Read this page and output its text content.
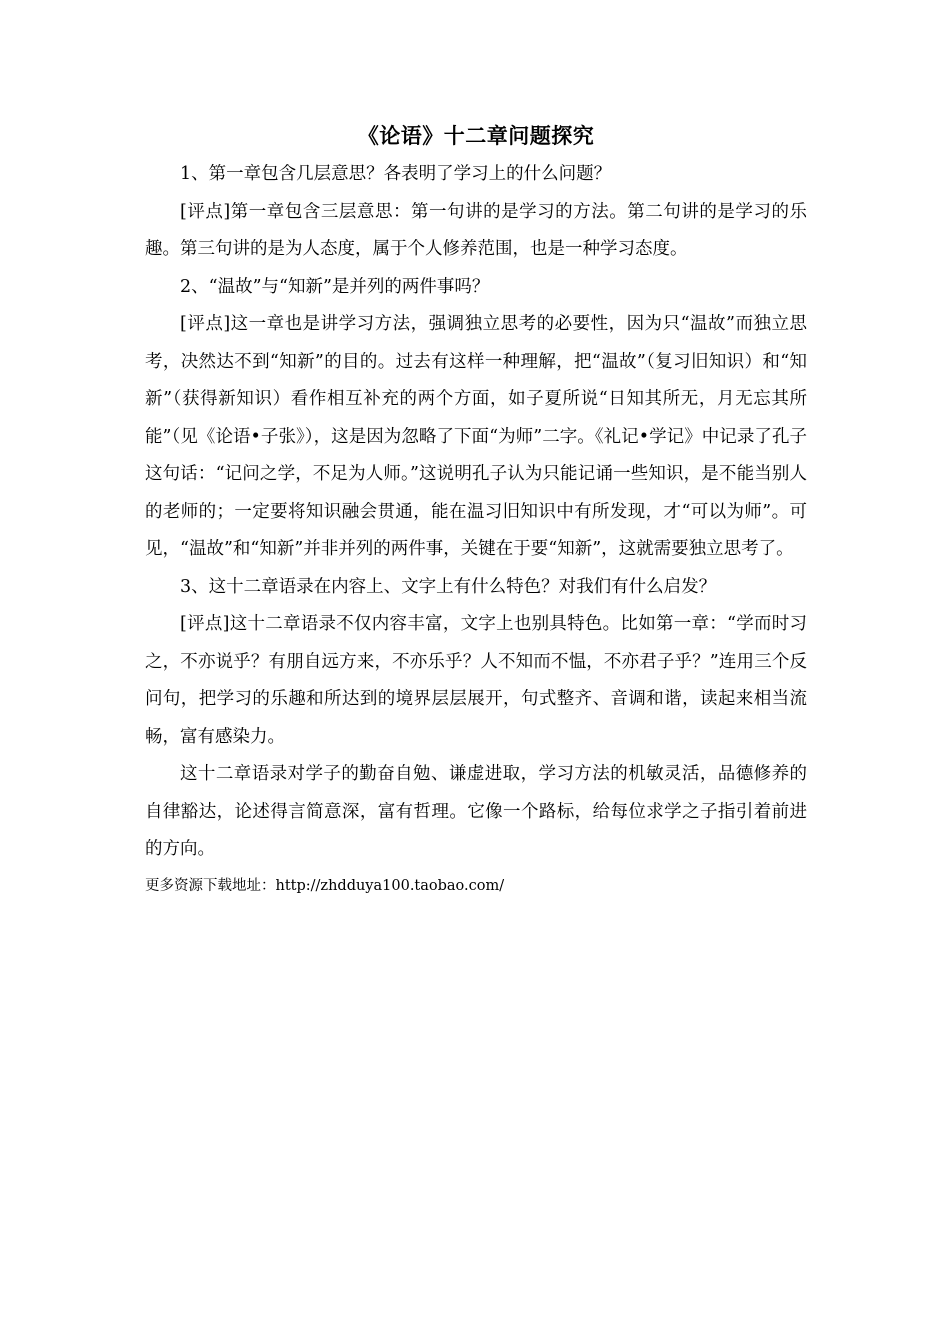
《论语》十二章问题探究

1、第一章包含几层意思？各表明了学习上的什么问题？

[评点]第一章包含三层意思：第一句讲的是学习的方法。第二句讲的是学习的乐趣。第三句讲的是为人态度，属于个人修养范围，也是一种学习态度。

2、“温故”与“知新”是并列的两件事吗？

[评点]这一章也是讲学习方法，强调独立思考的必要性，因为只“温故”而独立思考，决然达不到“知新”的目的。过去有这样一种理解，把“温故”（复习旧知识）和“知新”（获得新知识）看作相互补充的两个方面，如子夏所说“日知其所无，月无忘其所能”（见《论语•子张》），这是因为忽略了下面“为师”二字。《礼记•学记》中记录了孔子这句话：“记问之学，不足为人师。”这说明孔子认为只能记诵一些知识，是不能当别人的老师的；一定要将知识融会贯通，能在温习旧知识中有所发现，才“可以为师”。可见，“温故”和“知新”并非并列的两件事，关键在于要“知新”，这就需要独立思考了。

3、这十二章语录在内容上、文字上有什么特色？对我们有什么启发？

[评点]这十二章语录不仅内容丰富，文字上也别具特色。比如第一章：“学而时习之，不亦说乎？有朋自远方来，不亦乐乎？人不知而不愠，不亦君子乎？”连用三个反问句，把学习的乐趣和所达到的境界层层展开，句式整齐、音调和谐，读起来相当流畅，富有感染力。

这十二章语录对学子的勤奋自勉、谦虚进取，学习方法的机敏灵活，品德修养的自律豁达，论述得言简意深，富有哲理。它像一个路标，给每位求学之子指引着前进的方向。

更多资源下载地址：http://zhdduya100.taobao.com/
